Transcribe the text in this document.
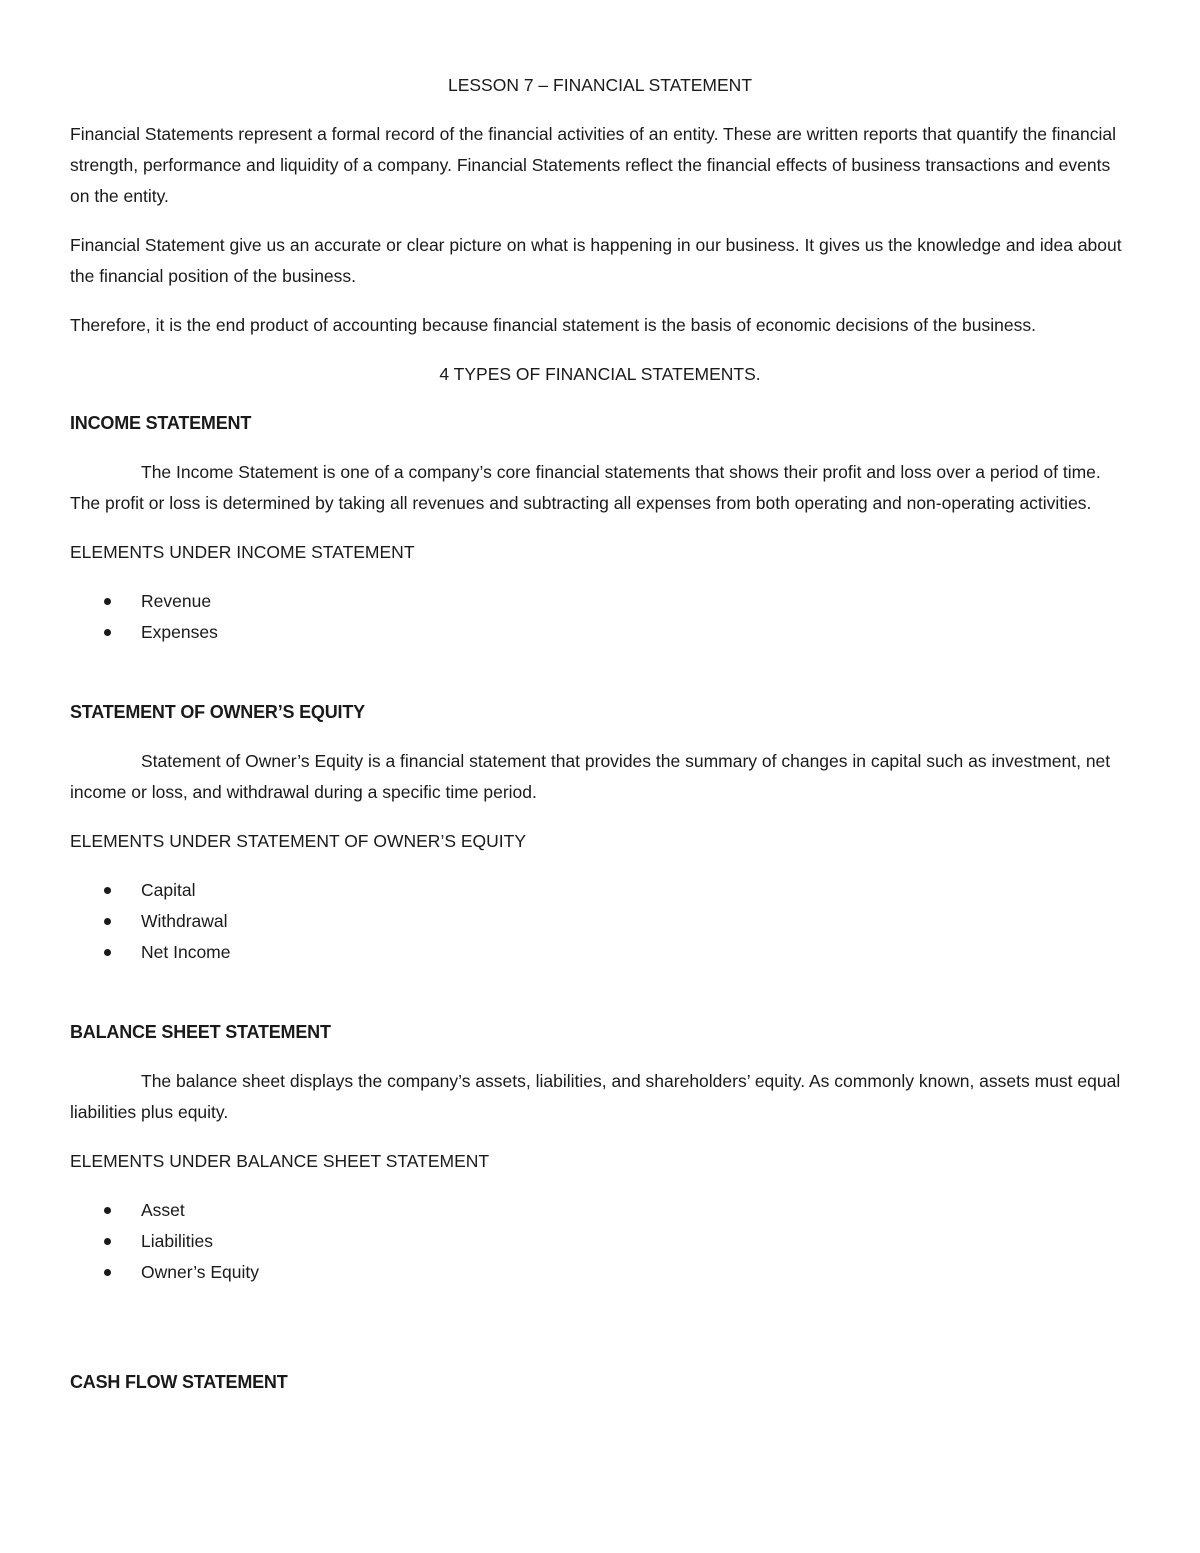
LESSON 7 – FINANCIAL STATEMENT

Financial Statements represent a formal record of the financial activities of an entity. These are written reports that quantify the financial strength, performance and liquidity of a company. Financial Statements reflect the financial effects of business transactions and events on the entity.

Financial Statement give us an accurate or clear picture on what is happening in our business. It gives us the knowledge and idea about the financial position of the business.

Therefore, it is the end product of accounting because financial statement is the basis of economic decisions of the business.

4 TYPES OF FINANCIAL STATEMENTS.
INCOME STATEMENT

The Income Statement is one of a company’s core financial statements that shows their profit and loss over a period of time. The profit or loss is determined by taking all revenues and subtracting all expenses from both operating and non-operating activities.

ELEMENTS UNDER INCOME STATEMENT
Revenue
Expenses
STATEMENT OF OWNER’S EQUITY

Statement of Owner’s Equity is a financial statement that provides the summary of changes in capital such as investment, net income or loss, and withdrawal during a specific time period.

ELEMENTS UNDER STATEMENT OF OWNER’S EQUITY
Capital
Withdrawal
Net Income
BALANCE SHEET STATEMENT

The balance sheet displays the company’s assets, liabilities, and shareholders’ equity. As commonly known, assets must equal liabilities plus equity.

ELEMENTS UNDER BALANCE SHEET STATEMENT
Asset
Liabilities
Owner’s Equity
CASH FLOW STATEMENT
